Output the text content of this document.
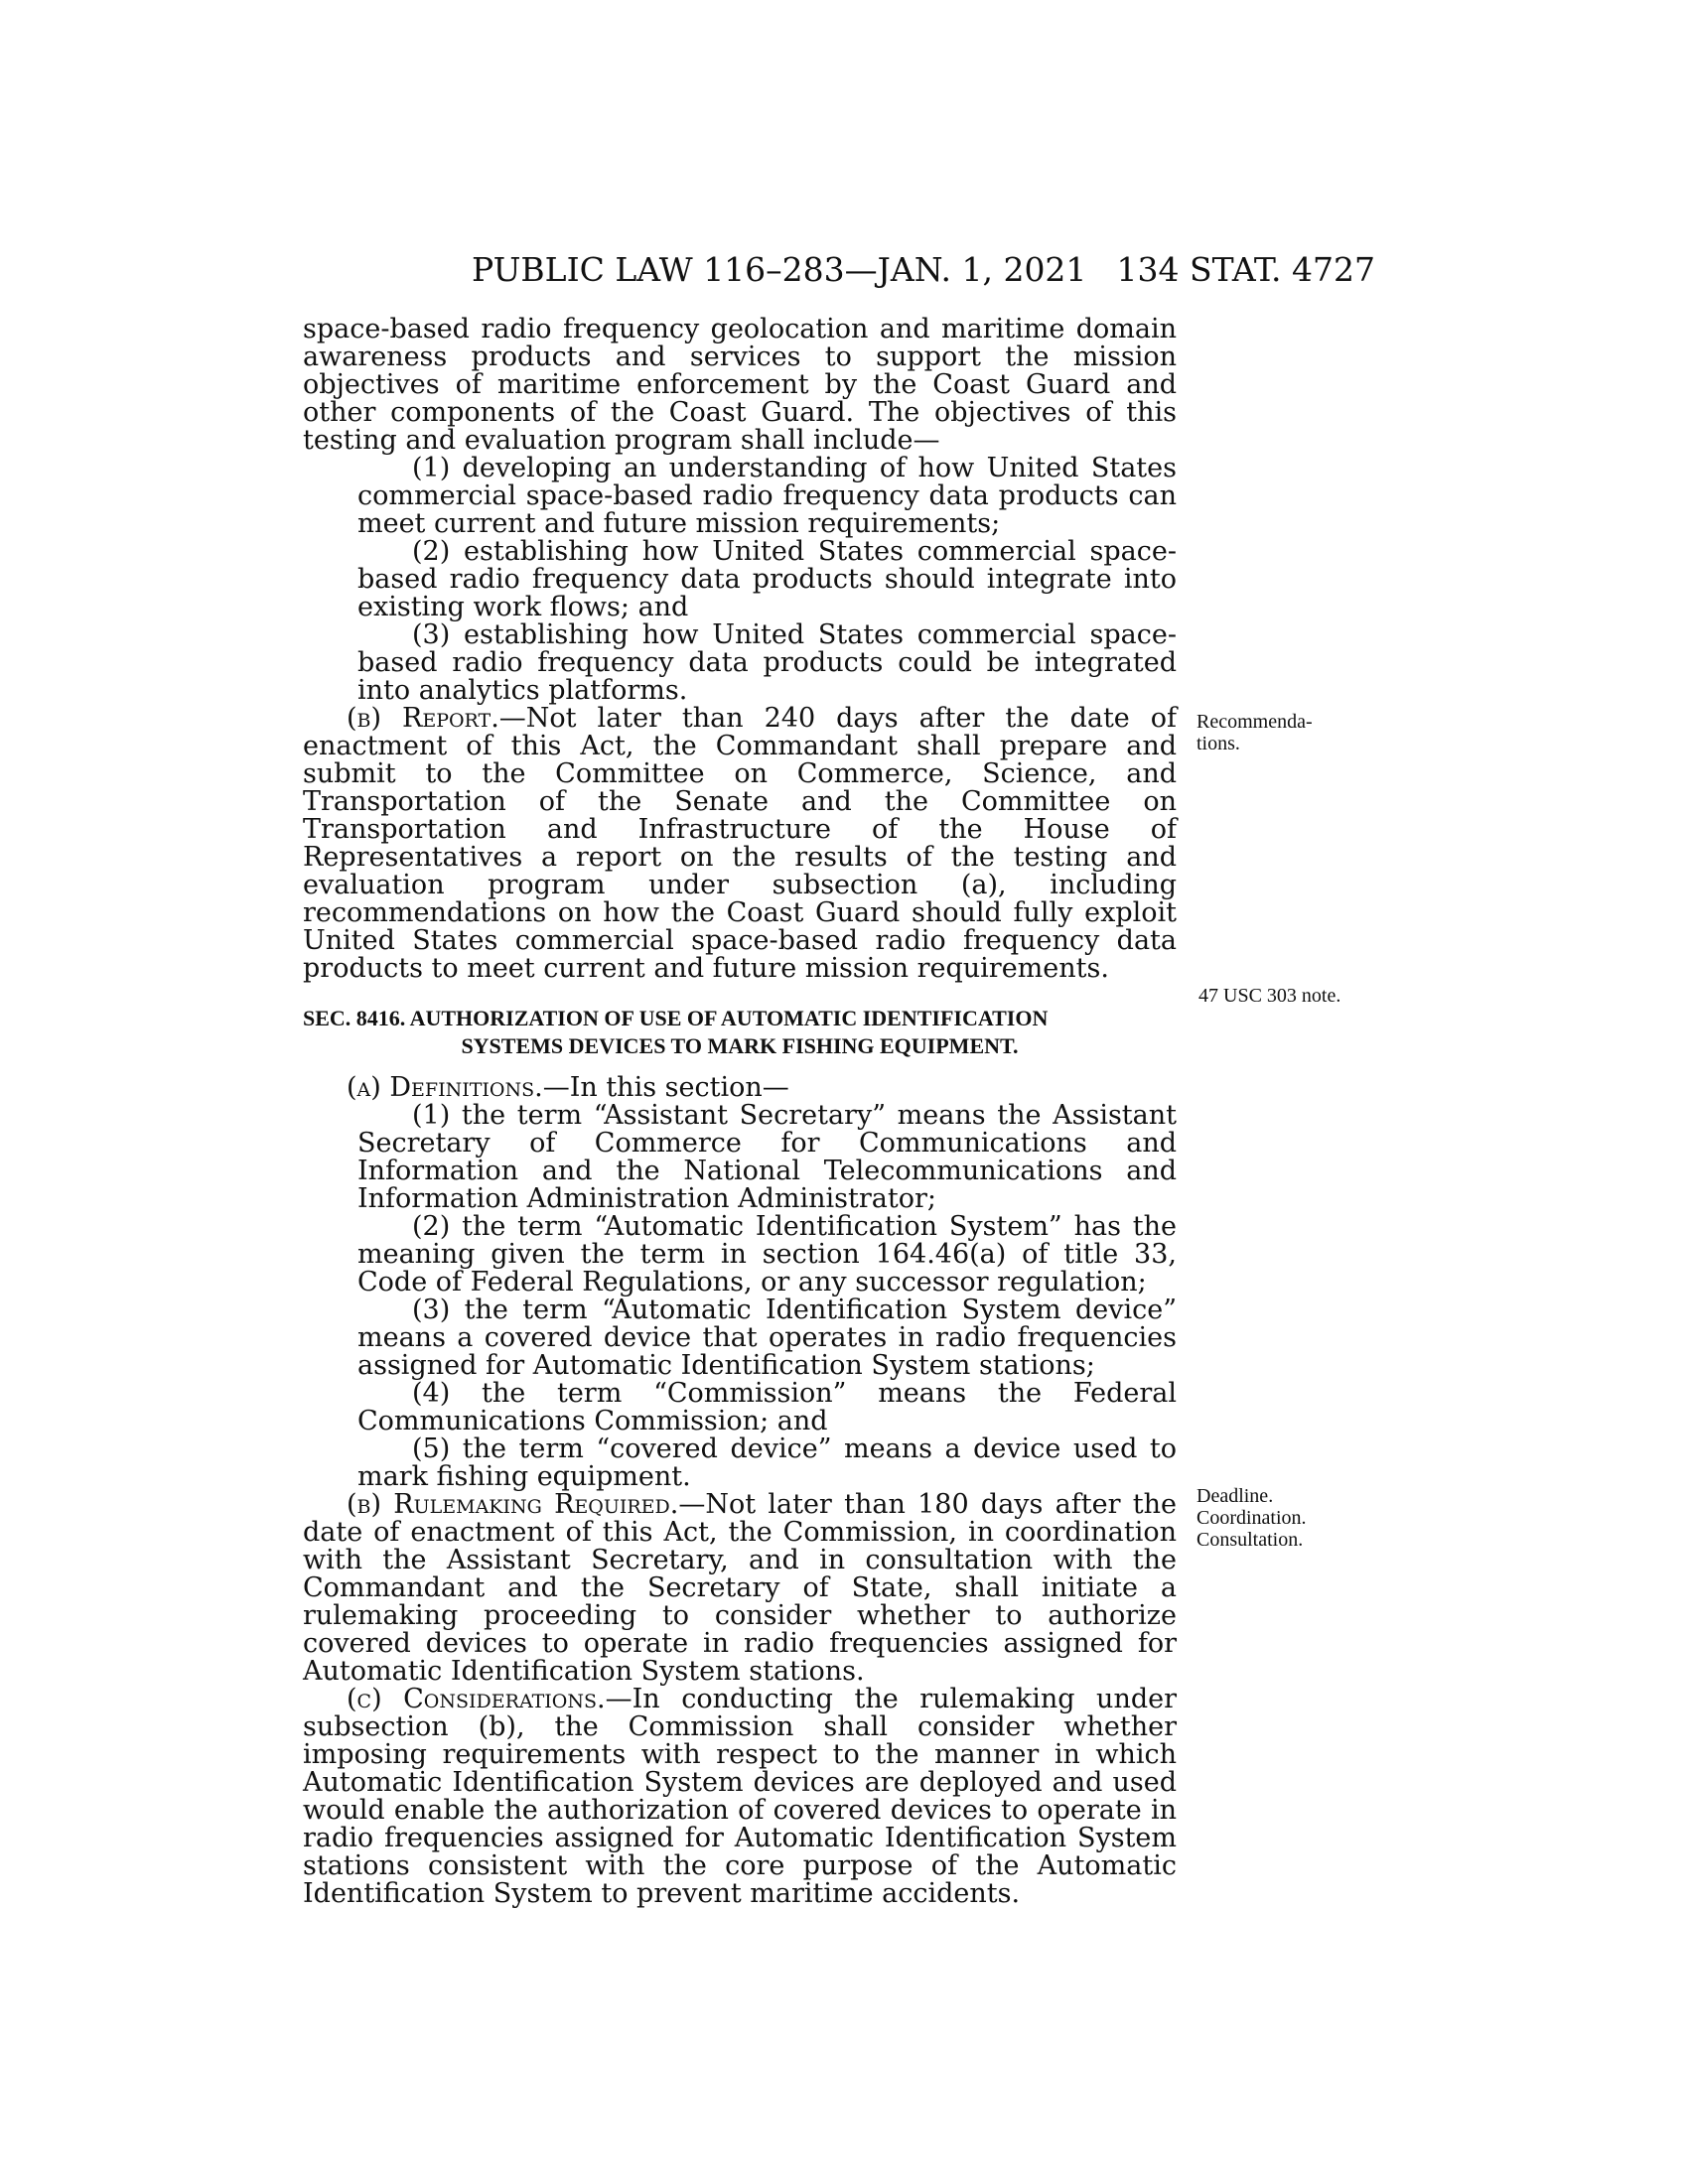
PUBLIC LAW 116–283—JAN. 1, 2021 134 STAT. 4727

space-based radio frequency geolocation and maritime domain awareness products and services to support the mission objectives of maritime enforcement by the Coast Guard and other components of the Coast Guard. The objectives of this testing and evaluation program shall include—

(1) developing an understanding of how United States commercial space-based radio frequency data products can meet current and future mission requirements;

(2) establishing how United States commercial space-based radio frequency data products should integrate into existing work flows; and

(3) establishing how United States commercial space-based radio frequency data products could be integrated into analytics platforms.

(b) Report.—Not later than 240 days after the date of enactment of this Act, the Commandant shall prepare and submit to the Committee on Commerce, Science, and Transportation of the Senate and the Committee on Transportation and Infrastructure of the House of Representatives a report on the results of the testing and evaluation program under subsection (a), including recommendations on how the Coast Guard should fully exploit United States commercial space-based radio frequency data products to meet current and future mission requirements.

SEC. 8416. AUTHORIZATION OF USE OF AUTOMATIC IDENTIFICATION
SYSTEMS DEVICES TO MARK FISHING EQUIPMENT.

(a) Definitions.—In this section—

(1) the term “Assistant Secretary” means the Assistant Secretary of Commerce for Communications and Information and the National Telecommunications and Information Administration Administrator;

(2) the term “Automatic Identification System” has the meaning given the term in section 164.46(a) of title 33, Code of Federal Regulations, or any successor regulation;

(3) the term “Automatic Identification System device” means a covered device that operates in radio frequencies assigned for Automatic Identification System stations;

(4) the term “Commission” means the Federal Communications Commission; and

(5) the term “covered device” means a device used to mark fishing equipment.

(b) Rulemaking Required.—Not later than 180 days after the date of enactment of this Act, the Commission, in coordination with the Assistant Secretary, and in consultation with the Commandant and the Secretary of State, shall initiate a rulemaking proceeding to consider whether to authorize covered devices to operate in radio frequencies assigned for Automatic Identification System stations.

(c) Considerations.—In conducting the rulemaking under subsection (b), the Commission shall consider whether imposing requirements with respect to the manner in which Automatic Identification System devices are deployed and used would enable the authorization of covered devices to operate in radio frequencies assigned for Automatic Identification System stations consistent with the core purpose of the Automatic Identification System to prevent maritime accidents.

Recommenda-
tions.
47 USC 303 note.
Deadline.
Coordination.
Consultation.
